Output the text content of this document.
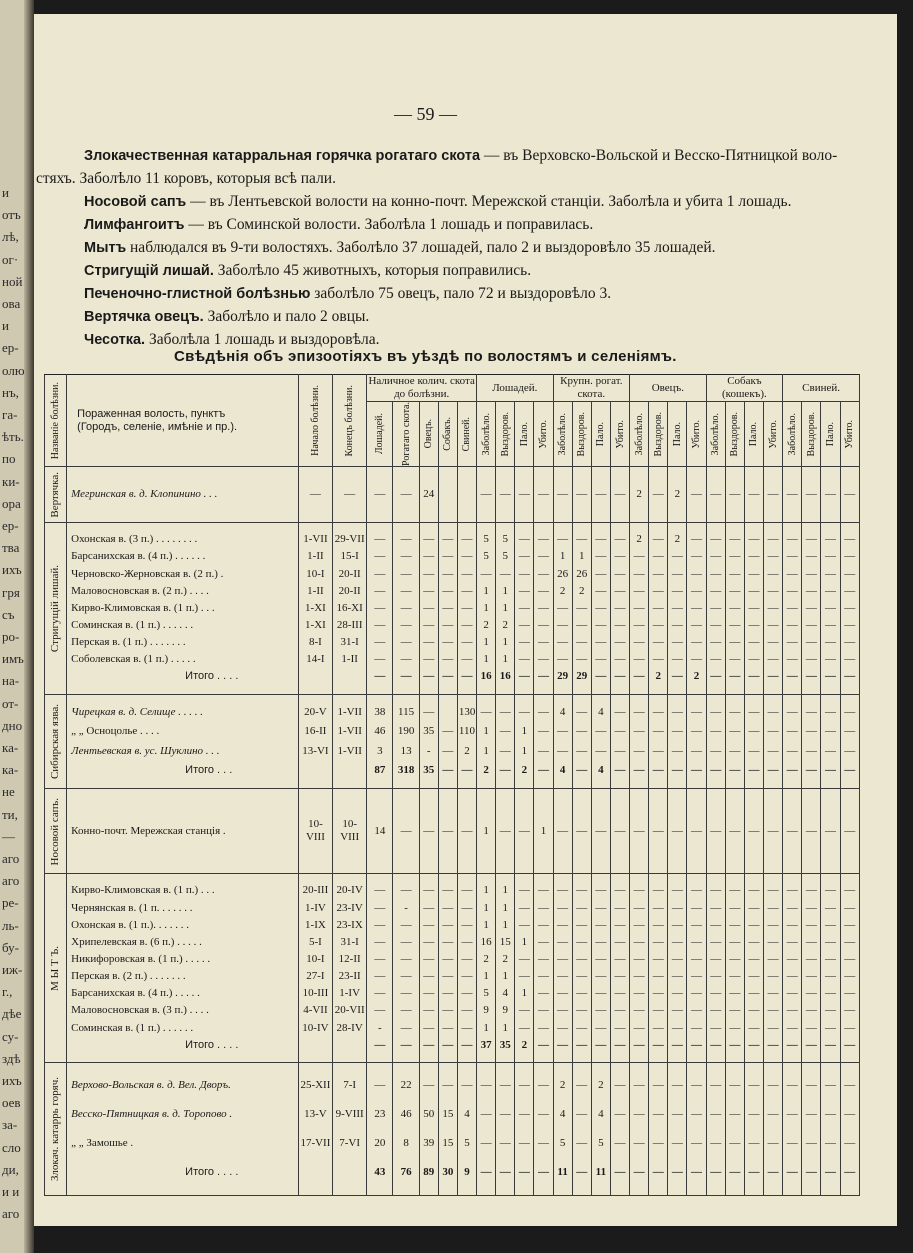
и
отъ
лѣ,
ог·
ной
ова
и
ер-
олю
нъ,
га-
ѣть.
по
ки-
ора
ер-
тва
ихъ
гря
съ
ро-
имъ
на-
от-
дно
ка-
ка-
не
ти,
—
аго
аго
ре-
ль-
бу-
иж-
г.,
дѣе
су-
здѣ
ихъ
оев
за-
сло
ди,
и и
аго
— 59 —
Злокачественная катарральная горячка рогатаго скота — въ Верховско-Вольской и Весско-Пятницкой воло-
стяхъ. Заболѣло 11 коровъ, которыя всѣ пали.
Носовой сапъ — въ Лентьевской волости на конно-почт. Мережской станціи. Заболѣла и убита 1 лошадь.
Лимфангоитъ — въ Соминской волости. Заболѣла 1 лошадь и поправилась.
Мытъ наблюдался въ 9-ти волостяхъ. Заболѣло 37 лошадей, пало 2 и выздоровѣло 35 лошадей.
Стригущій лишай. Заболѣло 45 животныхъ, которыя поправились.
Печеночно-глистной болѣзнью заболѣло 75 овецъ, пало 72 и выздоровѣло 3.
Вертячка овецъ. Заболѣло и пало 2 овцы.
Чесотка. Заболѣла 1 лошадь и выздоровѣла.
Свѣдѣнія объ эпизоотіяхъ въ уѣздѣ по волостямъ и селеніямъ.
Названіе болѣзни.	Пораженная волость, пунктъ
(Городъ, селеніе, имѣніе и пр.).	Начало болѣзни.	Конецъ болѣзни.	Наличное колич. скота до болѣзни.					Лошадей.				Крупн. рогат. скота.				Овецъ.				Собакъ (кошекъ).				Свиней.			

				Лошадей.	Рогатаго скота.	Овецъ.	Собакъ.	Свиней.	Заболѣло.	Выздоров.	Пало.	Убито.	Заболѣло.	Выздоров.	Пало.	Убито.	Заболѣло.	Выздоров.	Пало.	Убито.	Заболѣло.	Выздоров.	Пало.	Убито.	Заболѣло.	Выздоров.	Пало.	Убито.

Вертячка.																												

	Мегринская в. д. Клопинино . . .	—	—	—	—	24			—	—	—	—	—	—	—	—	2	—	2	—	—	—	—	—	—	—	—	—

Стригущій лишай.																												

	Охонская в. (3 п.) . . . . . . . .	1-VII	29-VII	—	—	—	—	—	5	5	—	—	—	—	—	—	2	—	2	—	—	—	—	—	—	—	—	—
	Барсанихская в. (4 п.) . . . . . .	1-II	15-I	—	—	—	—	—	5	5	—	—	1	1	—	—	—	—	—	—	—	—	—	—	—	—	—	—
	Черновско-Жерновская в. (2 п.) .	10-I	20-II	—	—	—	—	—	—	—	—	—	26	26	—	—	—	—	—	—	—	—	—	—	—	—	—	—
	Маловосновская в. (2 п.) . . . .	1-II	20-II	—	—	—	—	—	1	1	—	—	2	2	—	—	—	—	—	—	—	—	—	—	—	—	—	—
	Кирво-Климовская в. (1 п.) . . .	1-XI	16-XI	—	—	—	—	—	1	1	—	—	—	—	—	—	—	—	—	—	—	—	—	—	—	—	—	—
	Соминская в. (1 п.) . . . . . .	1-XI	28-III	—	—	—	—	—	2	2	—	—	—	—	—	—	—	—	—	—	—	—	—	—	—	—	—	—
	Перская в. (1 п.) . . . . . . .	8-I	31-I	—	—	—	—	—	1	1	—	—	—	—	—	—	—	—	—	—	—	—	—	—	—	—	—	—
	Соболевская в. (1 п.) . . . . .	14-I	1-II	—	—	—	—	—	1	1	—	—	—	—	—	—	—	—	—	—	—	—	—	—	—	—	—	—
	Итого . . . .			—	—	—	—	—	16	16	—	—	29	29	—	—	—	2	—	2	—	—	—	—	—	—	—	—

Сибирская язва.																												

	Чирецкая в. д. Селище . . . . .	20-V	1-VII	38	115	—		130	—	—	—	—	4	—	4	—	—	—	—	—	—	—	—	—	—	—	—	—
	„ „ Осноцолье . . . .	16-II	1-VII	46	190	35	—	110	1	—	1	—	—	—	—	—	—	—	—	—	—	—	—	—	—	—	—	—
	Лентьевская в. ус. Шуклино . . .	13-VI	1-VII	3	13	-	—	2	1	—	1	—	—	—	—	—	—	—	—	—	—	—	—	—	—	—	—	—
	Итого . . .			87	318	35	—	—	2	—	2	—	4	—	4	—	—	—	—	—	—	—	—	—	—	—	—	—

Носовой сапъ.																												

	Конно-почт. Мережская станція .	10-VIII	10-VIII	14	—	—	—	—	1	—	—	1	—	—	—	—	—	—	—	—	—	—	—	—	—	—	—	—

М Ы Т Ъ.																												

	Кирво-Климовская в. (1 п.) . . .	20-III	20-IV	—	—	—	—	—	1	1	—	—	—	—	—	—	—	—	—	—	—	—	—	—	—	—	—	—
	Чернянская в. (1 п. . . . . . .	1-IV	23-IV	—	-	—	—	—	1	1	—	—	—	—	—	—	—	—	—	—	—	—	—	—	—	—	—	—
	Охонская в. (1 п.). . . . . . .	1-IX	23-IX	—	—	—	—	—	1	1	—	—	—	—	—	—	—	—	—	—	—	—	—	—	—	—	—	—
	Хрипелевская в. (6 п.) . . . . .	5-I	31-I	—	—	—	—	—	16	15	1	—	—	—	—	—	—	—	—	—	—	—	—	—	—	—	—	—
	Никифоровская в. (1 п.) . . . . .	10-I	12-II	—	—	—	—	—	2	2	—	—	—	—	—	—	—	—	—	—	—	—	—	—	—	—	—	—
	Перская в. (2 п.) . . . . . . .	27-I	23-II	—	—	—	—	—	1	1	—	—	—	—	—	—	—	—	—	—	—	—	—	—	—	—	—	—
	Барсанихская в. (4 п.) . . . . .	10-III	1-IV	—	—	—	—	—	5	4	1	—	—	—	—	—	—	—	—	—	—	—	—	—	—	—	—	—
	Маловосновская в. (3 п.) . . . .	4-VII	20-VII	—	—	—	—	—	9	9	—	—	—	—	—	—	—	—	—	—	—	—	—	—	—	—	—	—
	Соминская в. (1 п.) . . . . . .	10-IV	28-IV	-	—	—	—	—	1	1	—	—	—	—	—	—	—	—	—	—	—	—	—	—	—	—	—	—
	Итого . . . .			—	—	—	—	—	37	35	2	—	—	—	—	—	—	—	—	—	—	—	—	—	—	—	—	—

Злокач. катаррь горяч.																												

	Верхово-Вольская в. д. Вел. Дворъ.	25-XII	7-I	—	22	—	—	—	—	—	—	—	2	—	2	—	—	—	—	—	—	—	—	—	—	—	—	—
	Весско-Пятницкая в. д. Торопово .	13-V	9-VIII	23	46	50	15	4	—	—	—	—	4	—	4	—	—	—	—	—	—	—	—	—	—	—	—	—
	„ „ Замошье .	17-VII	7-VI	20	8	39	15	5	—	—	—	—	5	—	5	—	—	—	—	—	—	—	—	—	—	—	—	—
	Итого . . . .			43	76	89	30	9	—	—	—	—	11	—	11	—	—	—	—	—	—	—	—	—	—	—	—	—
